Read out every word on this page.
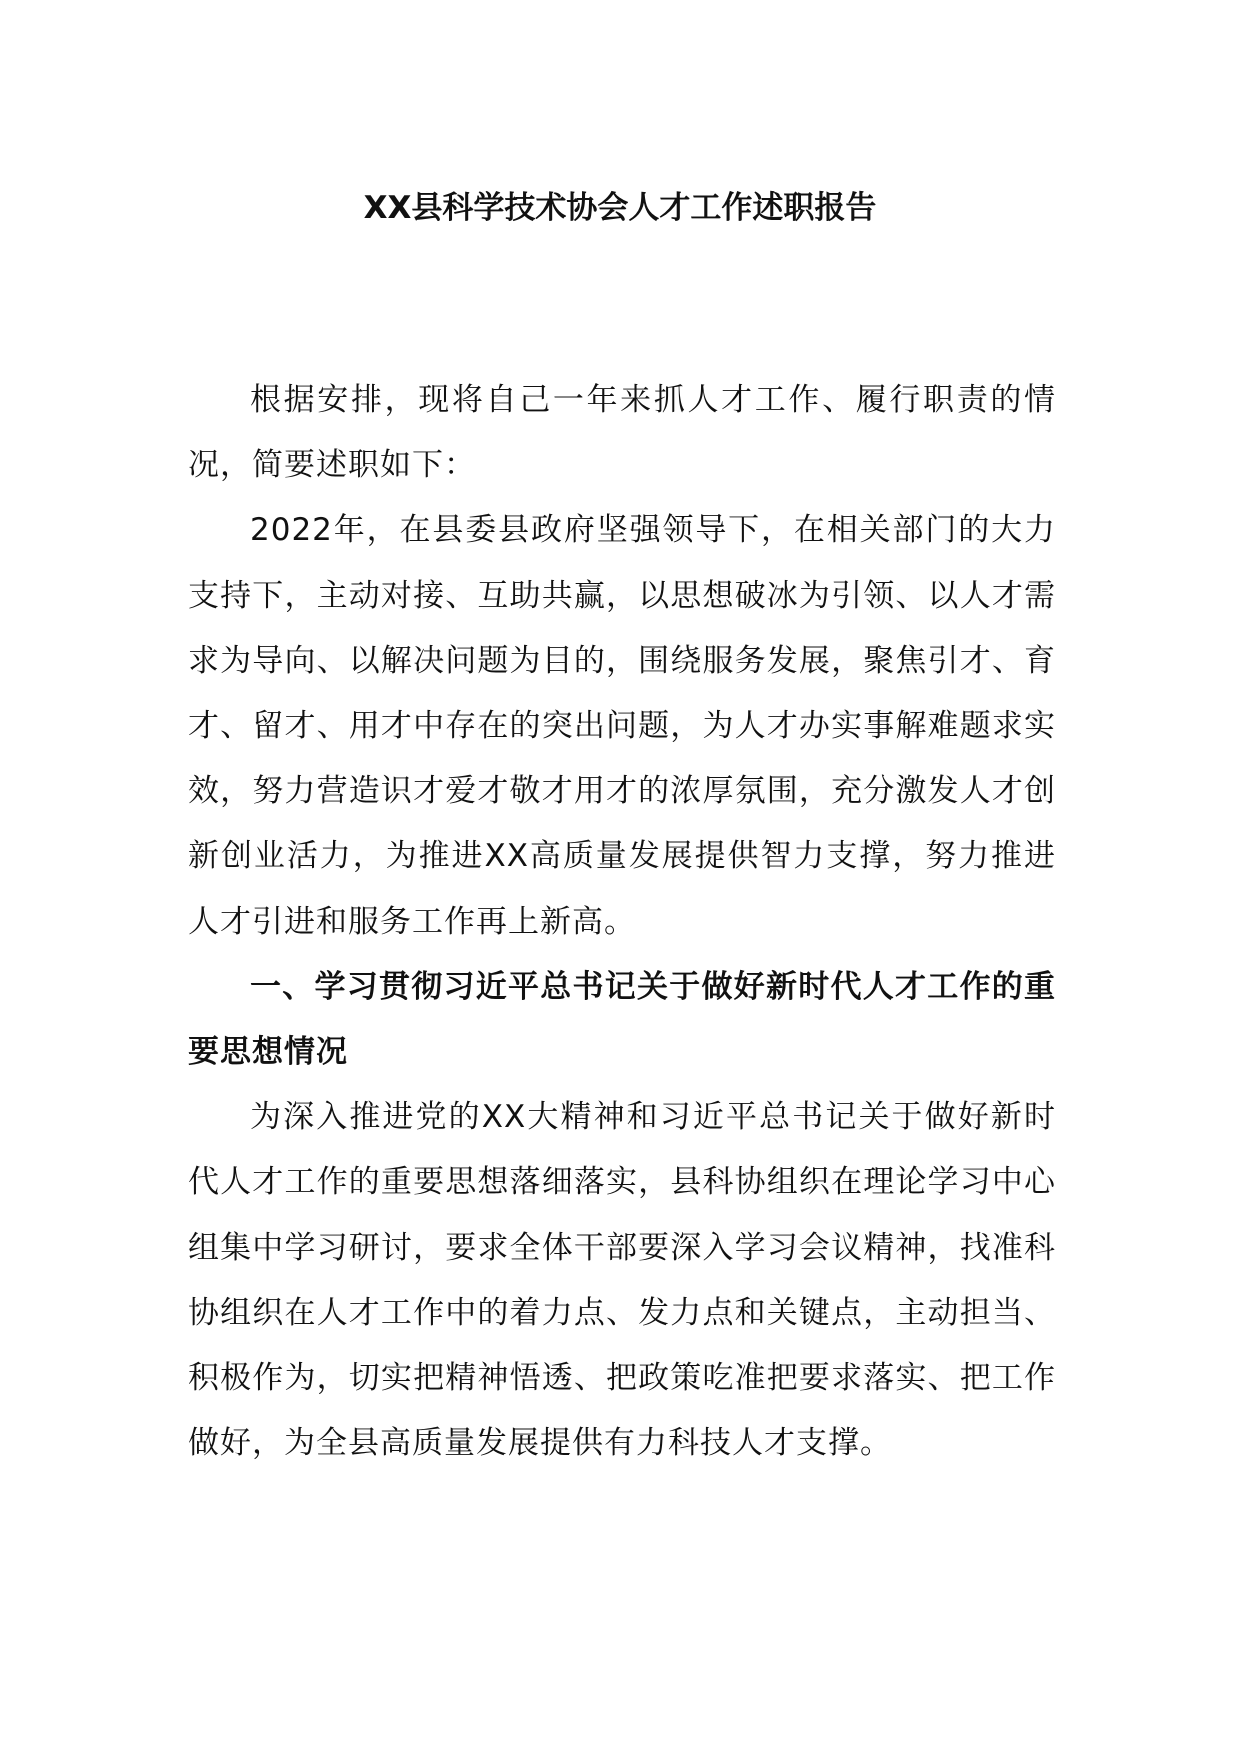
XX县科学技术协会人才工作述职报告

根据安排，现将自己一年来抓人才工作、履行职责的情况，简要述职如下：

2022年，在县委县政府坚强领导下，在相关部门的大力支持下，主动对接、互助共赢，以思想破冰为引领、以人才需求为导向、以解决问题为目的，围绕服务发展，聚焦引才、育才、留才、用才中存在的突出问题，为人才办实事解难题求实效，努力营造识才爱才敬才用才的浓厚氛围，充分激发人才创新创业活力，为推进XX高质量发展提供智力支撑，努力推进人才引进和服务工作再上新高。

一、学习贯彻习近平总书记关于做好新时代人才工作的重要思想情况

为深入推进党的XX大精神和习近平总书记关于做好新时代人才工作的重要思想落细落实，县科协组织在理论学习中心组集中学习研讨，要求全体干部要深入学习会议精神，找准科协组织在人才工作中的着力点、发力点和关键点，主动担当、积极作为，切实把精神悟透、把政策吃准把要求落实、把工作做好，为全县高质量发展提供有力科技人才支撑。
